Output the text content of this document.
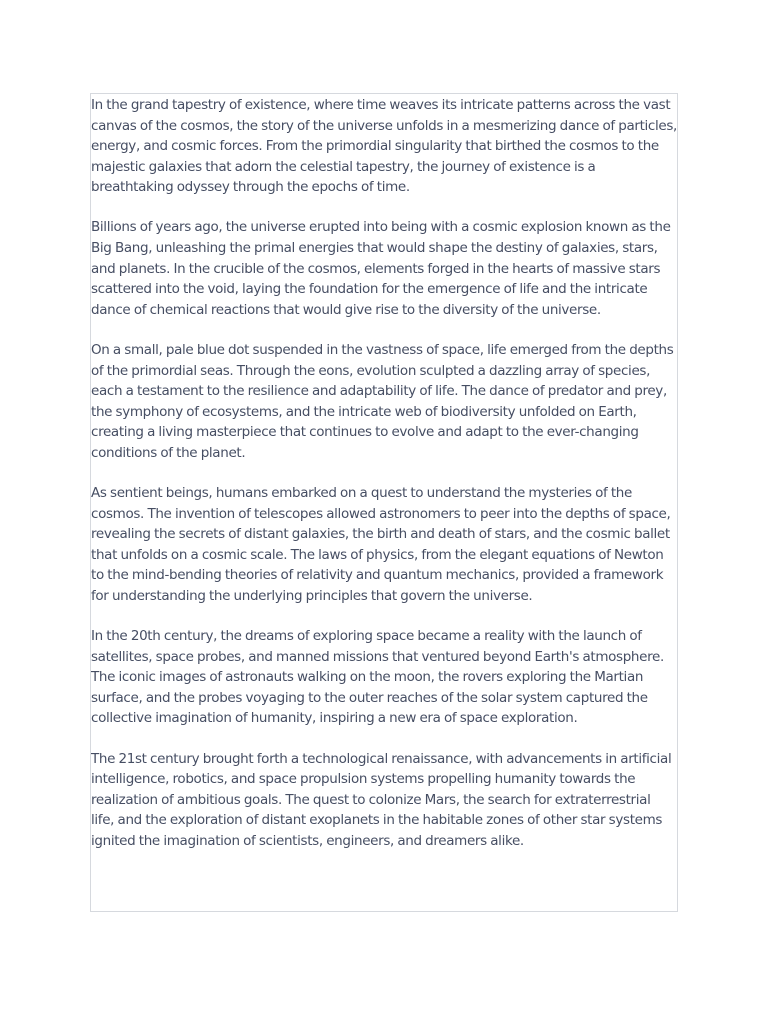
In the grand tapestry of existence, where time weaves its intricate patterns across the vast canvas of the cosmos, the story of the universe unfolds in a mesmerizing dance of particles, energy, and cosmic forces. From the primordial singularity that birthed the cosmos to the majestic galaxies that adorn the celestial tapestry, the journey of existence is a breathtaking odyssey through the epochs of time.

Billions of years ago, the universe erupted into being with a cosmic explosion known as the Big Bang, unleashing the primal energies that would shape the destiny of galaxies, stars, and planets. In the crucible of the cosmos, elements forged in the hearts of massive stars scattered into the void, laying the foundation for the emergence of life and the intricate dance of chemical reactions that would give rise to the diversity of the universe.

On a small, pale blue dot suspended in the vastness of space, life emerged from the depths of the primordial seas. Through the eons, evolution sculpted a dazzling array of species, each a testament to the resilience and adaptability of life. The dance of predator and prey, the symphony of ecosystems, and the intricate web of biodiversity unfolded on Earth, creating a living masterpiece that continues to evolve and adapt to the ever-changing conditions of the planet.

As sentient beings, humans embarked on a quest to understand the mysteries of the cosmos. The invention of telescopes allowed astronomers to peer into the depths of space, revealing the secrets of distant galaxies, the birth and death of stars, and the cosmic ballet that unfolds on a cosmic scale. The laws of physics, from the elegant equations of Newton to the mind-bending theories of relativity and quantum mechanics, provided a framework for understanding the underlying principles that govern the universe.

In the 20th century, the dreams of exploring space became a reality with the launch of satellites, space probes, and manned missions that ventured beyond Earth's atmosphere. The iconic images of astronauts walking on the moon, the rovers exploring the Martian surface, and the probes voyaging to the outer reaches of the solar system captured the collective imagination of humanity, inspiring a new era of space exploration.

The 21st century brought forth a technological renaissance, with advancements in artificial intelligence, robotics, and space propulsion systems propelling humanity towards the realization of ambitious goals. The quest to colonize Mars, the search for extraterrestrial life, and the exploration of distant exoplanets in the habitable zones of other star systems ignited the imagination of scientists, engineers, and dreamers alike.
